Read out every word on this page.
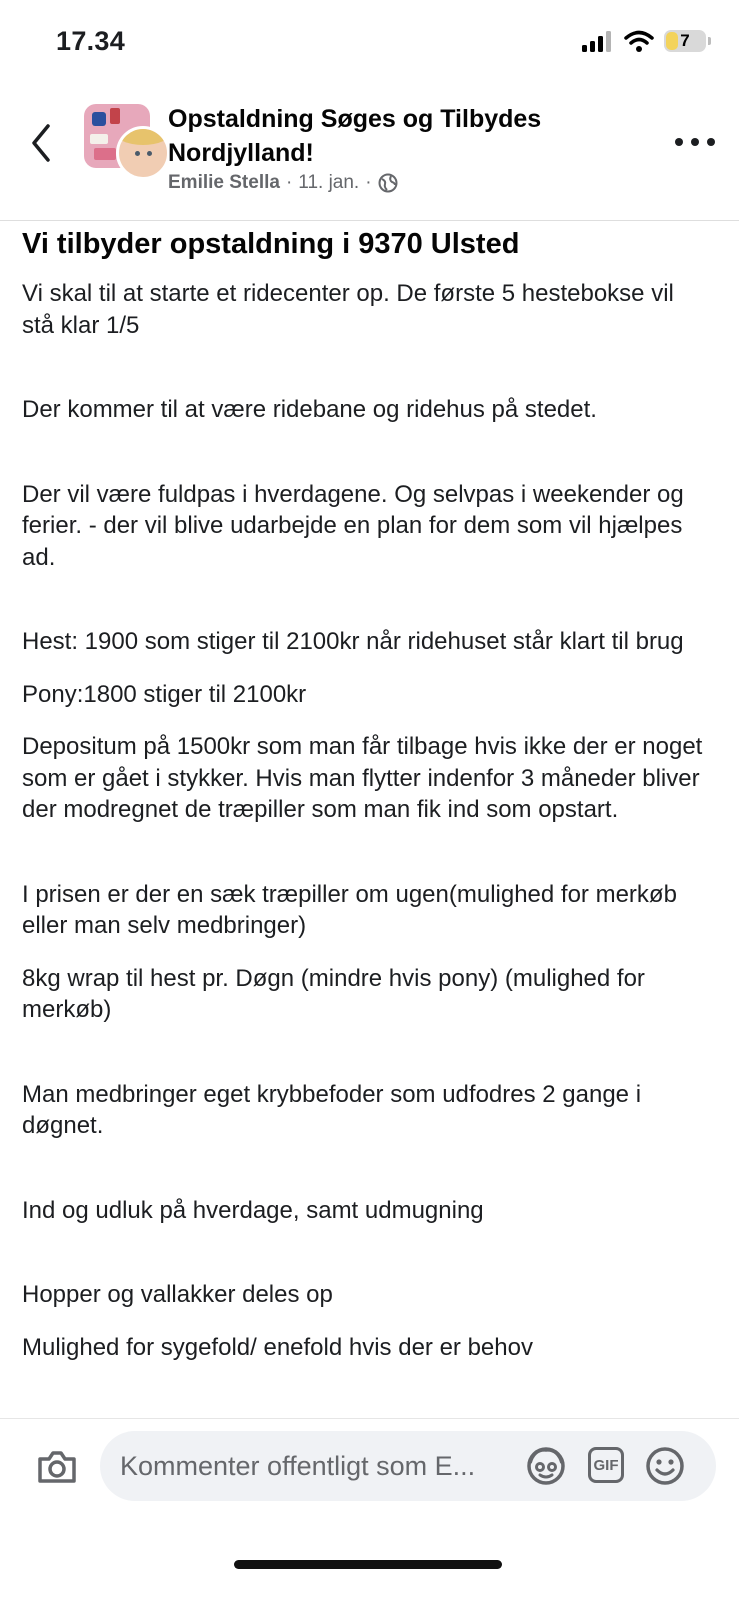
17.34	7
Opstaldning Søges og Tilbydes Nordjylland!
Emilie Stella · 11. jan. ·
Vi tilbyder opstaldning i 9370 Ulsted

Vi skal til at starte et ridecenter op. De første 5 hestebokse vil stå klar 1/5

Der kommer til at være ridebane og ridehus på stedet.

Der vil være fuldpas i hverdagene. Og selvpas i weekender og ferier. - der vil blive udarbejde en plan for dem som vil hjælpes ad.

Hest: 1900 som stiger til 2100kr når ridehuset står klart til brug

Pony:1800 stiger til 2100kr

Depositum på 1500kr som man får tilbage hvis ikke der er noget som er gået i stykker. Hvis man flytter indenfor 3 måneder bliver der modregnet de træpiller som man fik ind som opstart.

I prisen er der en sæk træpiller om ugen(mulighed for merkøb eller man selv medbringer)

8kg wrap til hest pr. Døgn (mindre hvis pony) (mulighed for merkøb)

Man medbringer eget krybbefoder som udfodres 2 gange i døgnet.

Ind og udluk på hverdage, samt udmugning

Hopper og vallakker deles op

Mulighed for sygefold/ enefold hvis der er behov

Kommenter offentligt som E...	GIF
